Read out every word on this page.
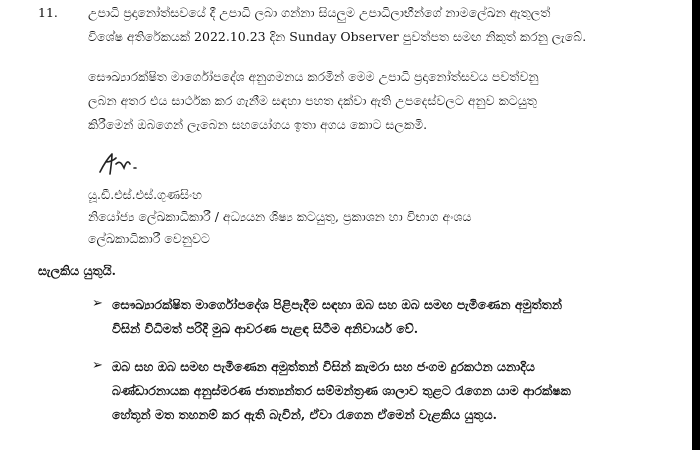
11. උපාධි ප්‍රදානෝත්සවයේ දී උපාධි ලබා ගන්නා සියලුම උපාධිලාභීන්ගේ නාමලේඛන ඇතුලත්
විශේෂ අතිරේකයක් 2022.10.23 දින Sunday Observer පුවත්පත සමඟ නිකුත් කරනු ලැබේ.
සෞඛ්‍යාරක්ෂිත මාර්ගෝපදේශ අනුගමනය කරමින් මෙම උපාධි ප්‍රදානෝත්සවය පවත්වනු
ලබන අතර එය සාර්ථක කර ගැනීම සඳහා පහත දක්වා ඇති උපදෙස්වලට අනුව කටයුතු
කිරීමෙන් ඔබගෙන් ලැබෙන සහයෝගය ඉතා අගය කොට සලකමි.
යූ.ඩී.එස්.එස්.ගුණසිංහ
නියෝජ්‍ය ලේඛකාධිකාරී / අධ්‍යයන ශිෂ්‍ය කටයුතු, ප්‍රකාශන හා විභාග අංශය
ලේඛකාධිකාරී වෙනුවට
සැලකිය යුතුයි.
➢ සෞඛ්‍යාරක්ෂිත මාර්ගෝපදේශ පිළිපැදීම සඳහා ඔබ සහ ඔබ සමඟ පැමිණෙන අමුත්තන්
විසින් විධිමත් පරිදි මුඛ ආවරණ පැළඳ සිටීම අනිවාර්ය වේ.
➢ ඔබ සහ ඔබ සමඟ පැමිණෙන අමුත්තන් විසින් කැමරා සහ ජංගම දුරකථන යනාදිය
බණ්ඩාරනායක අනුස්මරණ ජාත්‍යන්තර සම්මන්ත්‍රණ ශාලාව තුළට රැගෙන යාම ආරක්ෂක
හේතූන් මත තහනම් කර ඇති බැවින්, ඒවා රැගෙන ඒමෙන් වැළකිය යුතුය.
